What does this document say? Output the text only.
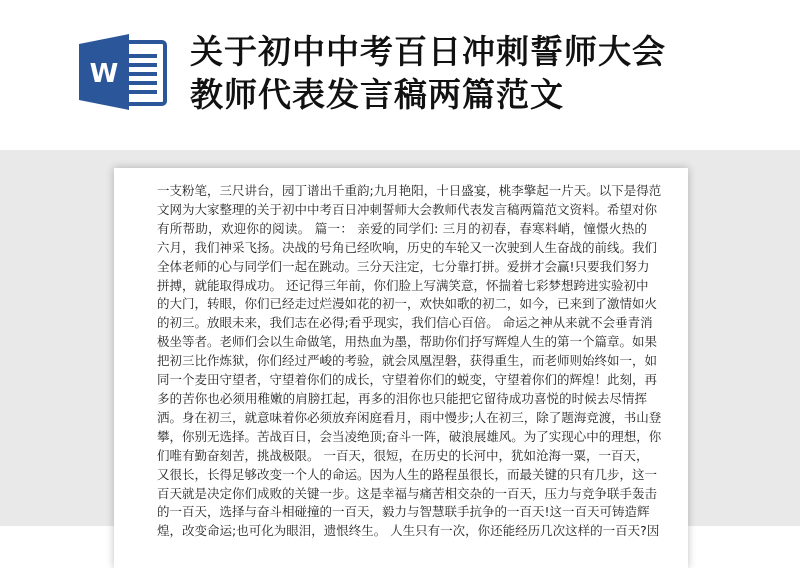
W
关于初中中考百日冲刺誓师大会
教师代表发言稿两篇范文
一支粉笔，三尺讲台，园丁谱出千重韵;九月艳阳，十日盛宴，桃李擎起一片天。以下是得范
文网为大家整理的关于初中中考百日冲刺誓师大会教师代表发言稿两篇范文资料。希望对你
有所帮助，欢迎你的阅读。 篇一： 亲爱的同学们: 三月的初春，春寒料峭，憧憬火热的
六月，我们神采飞扬。决战的号角已经吹响，历史的车轮又一次驶到人生奋战的前线。我们
全体老师的心与同学们一起在跳动。三分天注定，七分靠打拼。爱拼才会赢!只要我们努力
拼搏，就能取得成功。 还记得三年前，你们脸上写满笑意，怀揣着七彩梦想跨进实验初中
的大门，转眼，你们已经走过烂漫如花的初一，欢快如歌的初二，如今，已来到了激情如火
的初三。放眼未来，我们志在必得;看乎现实，我们信心百倍。 命运之神从来就不会垂青消
极坐等者。老师们会以生命做笔，用热血为墨，帮助你们抒写辉煌人生的第一个篇章。如果
把初三比作炼狱，你们经过严峻的考验，就会凤凰涅磐，获得重生，而老师则始终如一，如
同一个麦田守望者，守望着你们的成长，守望着你们的蜕变，守望着你们的辉煌！此刻，再
多的苦你也必须用稚嫩的肩膀扛起，再多的泪你也只能把它留待成功喜悦的时候去尽情挥
洒。身在初三，就意味着你必须放弃闲庭看月，雨中慢步;人在初三，除了题海竞渡，书山登
攀，你别无选择。苦战百日，会当凌绝顶;奋斗一阵，破浪展雄风。为了实现心中的理想，你
们唯有勤奋刻苦，挑战极限。 一百天，很短，在历史的长河中，犹如沧海一粟，一百天，
又很长，长得足够改变一个人的命运。因为人生的路程虽很长，而最关键的只有几步，这一
百天就是决定你们成败的关键一步。这是幸福与痛苦相交杂的一百天，压力与竞争联手轰击
的一百天，选择与奋斗相碰撞的一百天，毅力与智慧联手抗争的一百天!这一百天可铸造辉
煌，改变命运;也可化为眼泪，遗恨终生。 人生只有一次，你还能经历几次这样的一百天?因
